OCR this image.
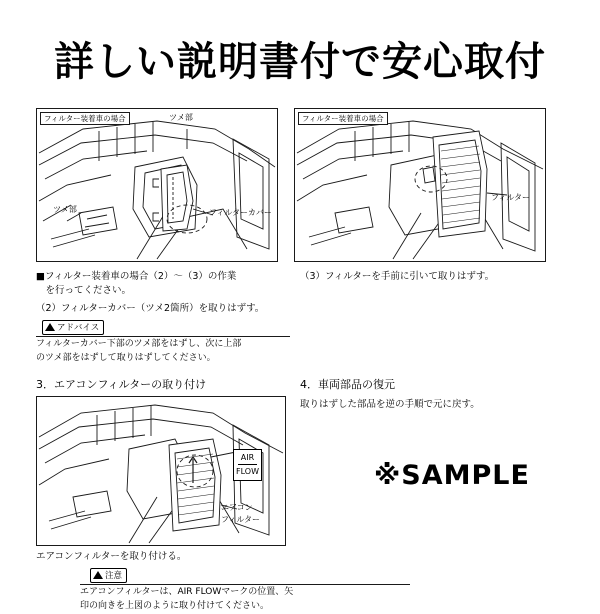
詳しい説明書付で安心取付
フィルター装着車の場合	ツメ部
ツメ部	フィルターカバー
フィルター装着車の場合
フィルター
■フィルター装着車の場合（2）～（3）の作業
　を行ってください。
（2）フィルターカバー（ツメ2箇所）を取りはずす。
アドバイス
フィルターカバー下部のツメ部をはずし、次に上部
のツメ部をはずして取りはずしてください。
（3）フィルターを手前に引いて取りはずす。
3．エアコンフィルターの取り付け
AIR
FLOW
エアコン
フィルター
4．車両部品の復元
取りはずした部品を逆の手順で元に戻す。
※SAMPLE
エアコンフィルターを取り付ける。
注意
エアコンフィルターは、AIR FLOWマークの位置、矢
印の向きを上図のように取り付けてください。
